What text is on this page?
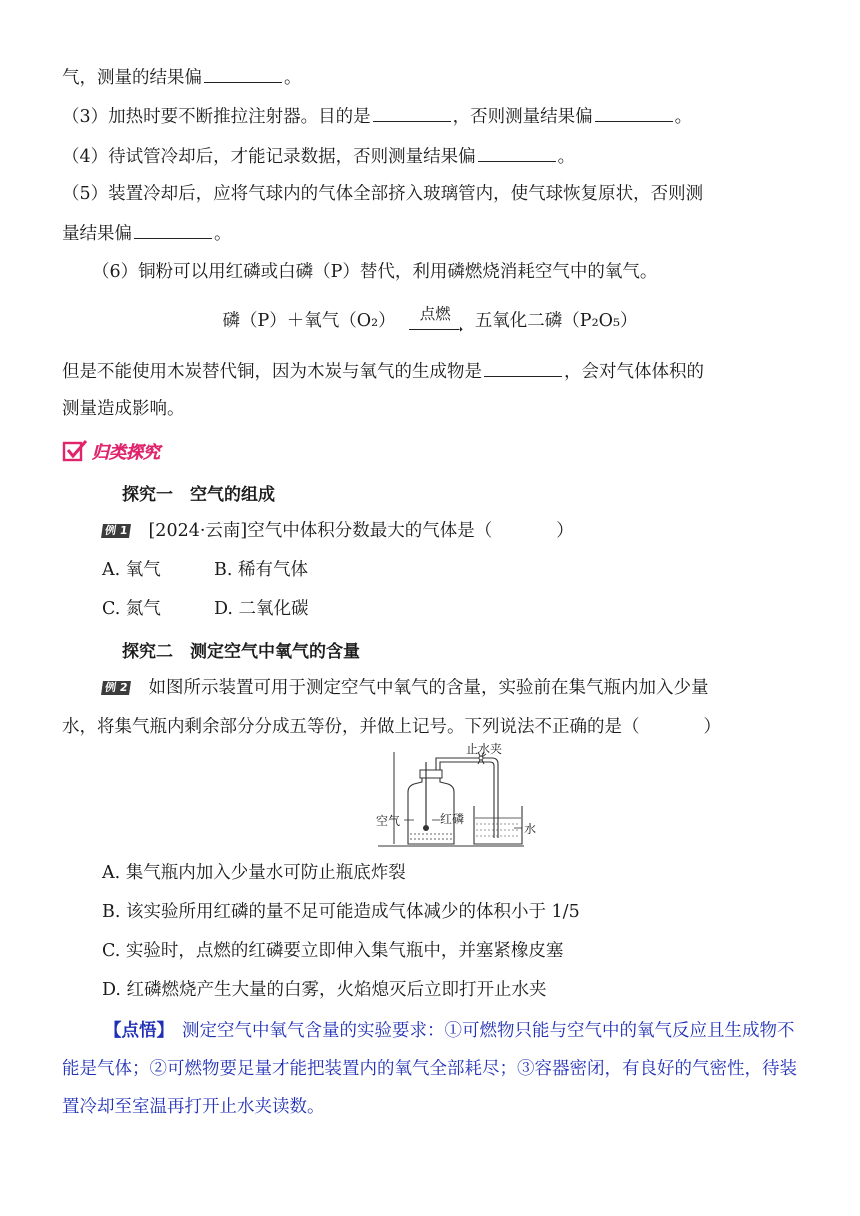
气，测量的结果偏	。
（3）加热时要不断推拉注射器。目的是	，否则测量结果偏	。
（4）待试管冷却后，才能记录数据，否则测量结果偏	。
（5）装置冷却后，应将气球内的气体全部挤入玻璃管内，使气球恢复原状，否则测
量结果偏	。
（6）铜粉可以用红磷或白磷（P）替代，利用磷燃烧消耗空气中的氧气。
磷（P）＋氧气（O₂）	点燃
➝ 五氧化二磷（P₂O₅）
但是不能使用木炭替代铜，因为木炭与氧气的生成物是	，会对气体体积的
测量造成影响。
归类探究
探究一　空气的组成
例 1 [2024·云南]空气中体积分数最大的气体是（	）
A. 氧气	B. 稀有气体
C. 氮气	D. 二氧化碳
探究二　测定空气中氧气的含量
例 2 如图所示装置可用于测定空气中氧气的含量，实验前在集气瓶内加入少量
水，将集气瓶内剩余部分分成五等份，并做上记号。下列说法不正确的是（	）
止水夹
空气	红磷
水
A. 集气瓶内加入少量水可防止瓶底炸裂
B. 该实验所用红磷的量不足可能造成气体减少的体积小于 1/5
C. 实验时，点燃的红磷要立即伸入集气瓶中，并塞紧橡皮塞
D. 红磷燃烧产生大量的白雾，火焰熄灭后立即打开止水夹
【点悟】 测定空气中氧气含量的实验要求：①可燃物只能与空气中的氧气反应且生成物不能是气体；②可燃物要足量才能把装置内的氧气全部耗尽；③容器密闭，有良好的气密性，待装置冷却至室温再打开止水夹读数。
